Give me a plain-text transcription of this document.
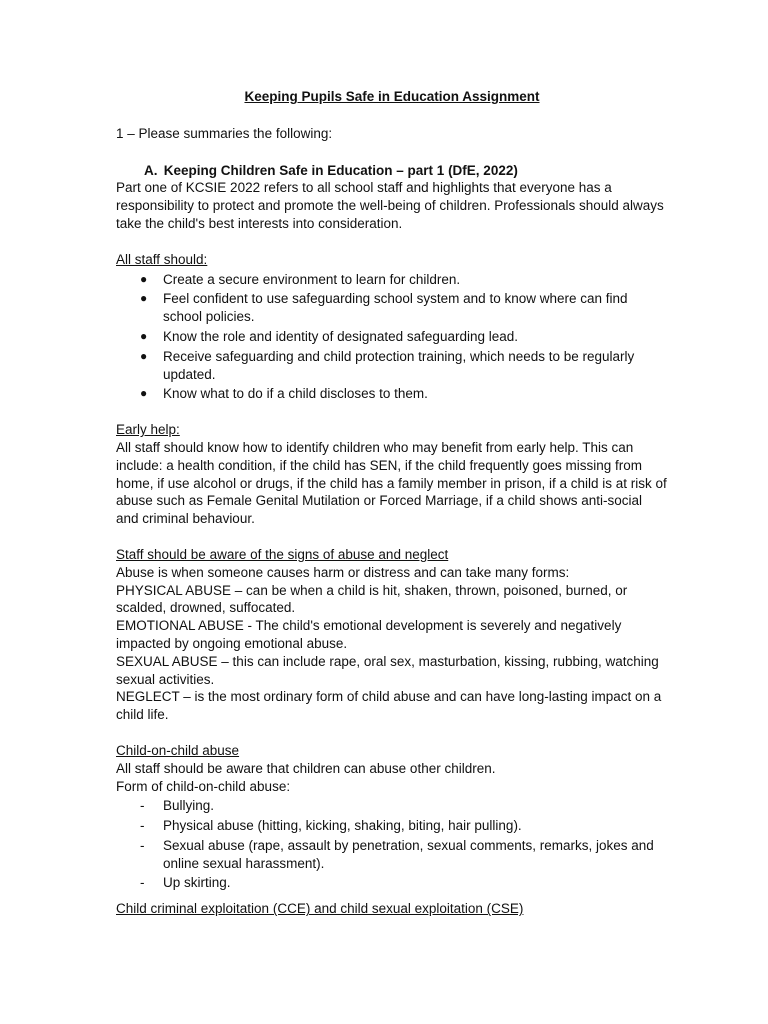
Keeping Pupils Safe in Education Assignment

1 – Please summaries the following:

A. Keeping Children Safe in Education – part 1 (DfE, 2022)

Part one of KCSIE 2022 refers to all school staff and highlights that everyone has a responsibility to protect and promote the well-being of children. Professionals should always take the child's best interests into consideration.

All staff should:

● Create a secure environment to learn for children.
● Feel confident to use safeguarding school system and to know where can find school policies.
● Know the role and identity of designated safeguarding lead.
● Receive safeguarding and child protection training, which needs to be regularly updated.
● Know what to do if a child discloses to them.

Early help:

All staff should know how to identify children who may benefit from early help. This can include: a health condition, if the child has SEN, if the child frequently goes missing from home, if use alcohol or drugs, if the child has a family member in prison, if a child is at risk of abuse such as Female Genital Mutilation or Forced Marriage, if a child shows anti-social and criminal behaviour.

Staff should be aware of the signs of abuse and neglect

Abuse is when someone causes harm or distress and can take many forms:

PHYSICAL ABUSE – can be when a child is hit, shaken, thrown, poisoned, burned, or scalded, drowned, suffocated.

EMOTIONAL ABUSE - The child's emotional development is severely and negatively impacted by ongoing emotional abuse.

SEXUAL ABUSE – this can include rape, oral sex, masturbation, kissing, rubbing, watching sexual activities.

NEGLECT – is the most ordinary form of child abuse and can have long-lasting impact on a child life.

Child-on-child abuse

All staff should be aware that children can abuse other children.

Form of child-on-child abuse:

- Bullying.
- Physical abuse (hitting, kicking, shaking, biting, hair pulling).
- Sexual abuse (rape, assault by penetration, sexual comments, remarks, jokes and online sexual harassment).
- Up skirting.

Child criminal exploitation (CCE) and child sexual exploitation (CSE)
